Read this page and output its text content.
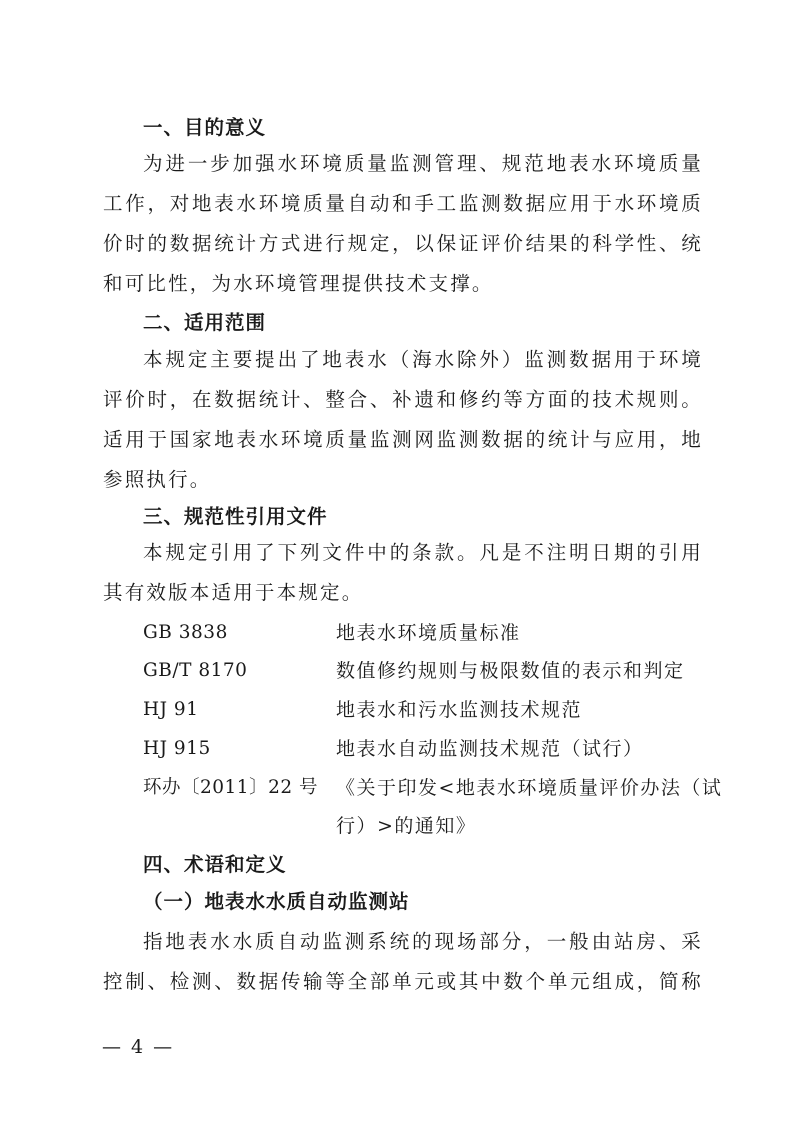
一、目的意义
为进一步加强水环境质量监测管理、规范地表水环境质量
工作，对地表水环境质量自动和手工监测数据应用于水环境质
价时的数据统计方式进行规定，以保证评价结果的科学性、统
和可比性，为水环境管理提供技术支撑。
二、适用范围
本规定主要提出了地表水（海水除外）监测数据用于环境
评价时，在数据统计、整合、补遗和修约等方面的技术规则。
适用于国家地表水环境质量监测网监测数据的统计与应用，地
参照执行。
三、规范性引用文件
本规定引用了下列文件中的条款。凡是不注明日期的引用
其有效版本适用于本规定。
GB 3838	地表水环境质量标准
GB/T 8170	数值修约规则与极限数值的表示和判定
HJ 91	地表水和污水监测技术规范
HJ 915	地表水自动监测技术规范（试行）
环办〔2011〕22 号 《关于印发<地表水环境质量评价办法（试
行）>的通知》
四、术语和定义
（一）地表水水质自动监测站
指地表水水质自动监测系统的现场部分，一般由站房、采
控制、检测、数据传输等全部单元或其中数个单元组成，简称
— 4 —
